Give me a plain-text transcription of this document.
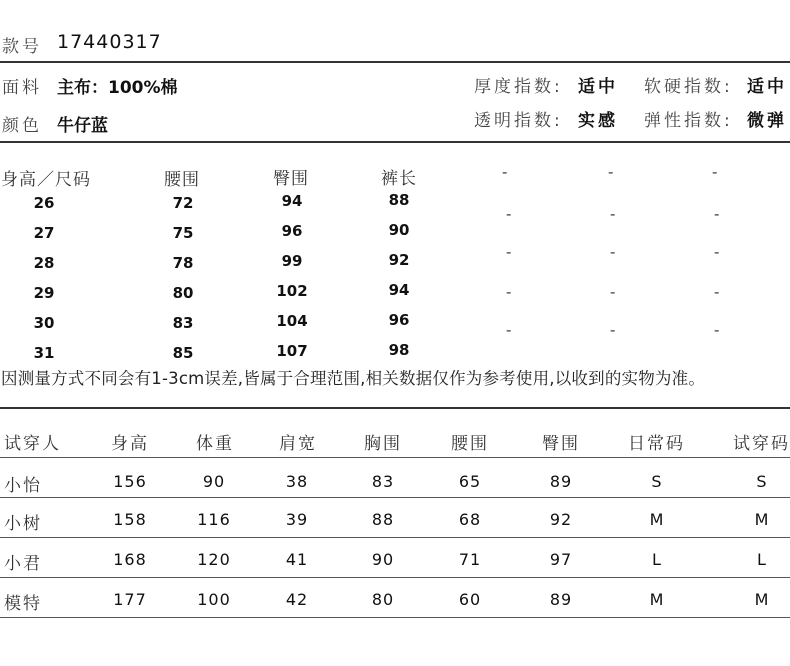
款号 17440317
面料 主布：100%棉	厚度指数: 适中 软硬指数: 适中
颜色 牛仔蓝	透明指数: 实感 弹性指数: 微弹
身高／尺码	腰围	臀围	裤长	-	-	-
26	72	94	88
27	75	96	90
28	78	99	92
29	80	102	94
30	83	104	96
31	85	107	98
-	-	-
-	-	-
-	-	-
-	-	-
因测量方式不同会有1-3cm误差,皆属于合理范围,相关数据仅作为参考使用,以收到的实物为准。
试穿人	身高	体重	肩宽	胸围	腰围	臀围	日常码	试穿码
小怡	156	90	38	83	65	89	S	S
小树	158	116	39	88	68	92	M	M
小君	168	120	41	90	71	97	L	L
模特	177	100	42	80	60	89	M	M
